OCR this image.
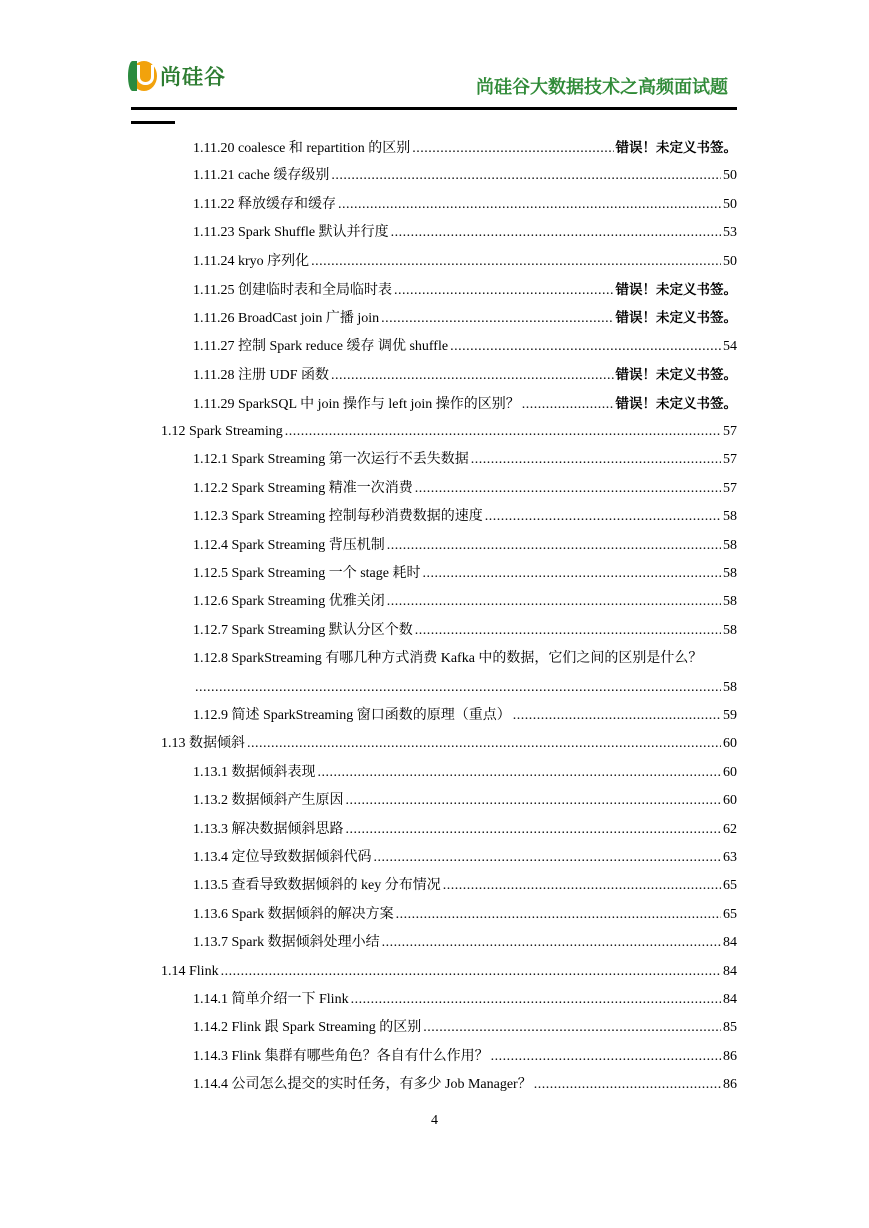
尚硅谷	尚硅谷大数据技术之高频面试题
1.11.20 coalesce 和 repartition 的区别 .....	错误！未定义书签。
1.11.21 cache 缓存级别 .....	50
1.11.22 释放缓存和缓存 .....	50
1.11.23 Spark Shuffle 默认并行度 .....	53
1.11.24 kryo 序列化 .....	50
1.11.25 创建临时表和全局临时表 .....	错误！未定义书签。
1.11.26 BroadCast join 广播 join .....	错误！未定义书签。
1.11.27 控制 Spark reduce 缓存 调优 shuffle .....	54
1.11.28 注册 UDF 函数 .....	错误！未定义书签。
1.11.29 SparkSQL 中 join 操作与 left join 操作的区别？ .....	错误！未定义书签。
1.12 Spark Streaming .....	57
1.12.1 Spark Streaming 第一次运行不丢失数据 .....	57
1.12.2 Spark Streaming 精准一次消费 .....	57
1.12.3 Spark Streaming 控制每秒消费数据的速度 .....	58
1.12.4 Spark Streaming 背压机制 .....	58
1.12.5 Spark Streaming 一个 stage 耗时 .....	58
1.12.6 Spark Streaming 优雅关闭 .....	58
1.12.7 Spark Streaming 默认分区个数 .....	58
1.12.8 SparkStreaming 有哪几种方式消费 Kafka 中的数据，它们之间的区别是什么？
.....
58
1.12.9 简述 SparkStreaming 窗口函数的原理（重点） .....	59
1.13 数据倾斜 .....	60
1.13.1 数据倾斜表现 .....	60
1.13.2 数据倾斜产生原因 .....	60
1.13.3 解决数据倾斜思路 .....	62
1.13.4 定位导致数据倾斜代码 .....	63
1.13.5 查看导致数据倾斜的 key 分布情况 .....	65
1.13.6 Spark 数据倾斜的解决方案 .....	65
1.13.7 Spark 数据倾斜处理小结 .....	84
1.14 Flink .....	84
1.14.1 简单介绍一下 Flink .....	84
1.14.2 Flink 跟 Spark Streaming 的区别 .....	85
1.14.3 Flink 集群有哪些角色？各自有什么作用？ .....	86
1.14.4 公司怎么提交的实时任务，有多少 Job Manager？ .....	86
4
